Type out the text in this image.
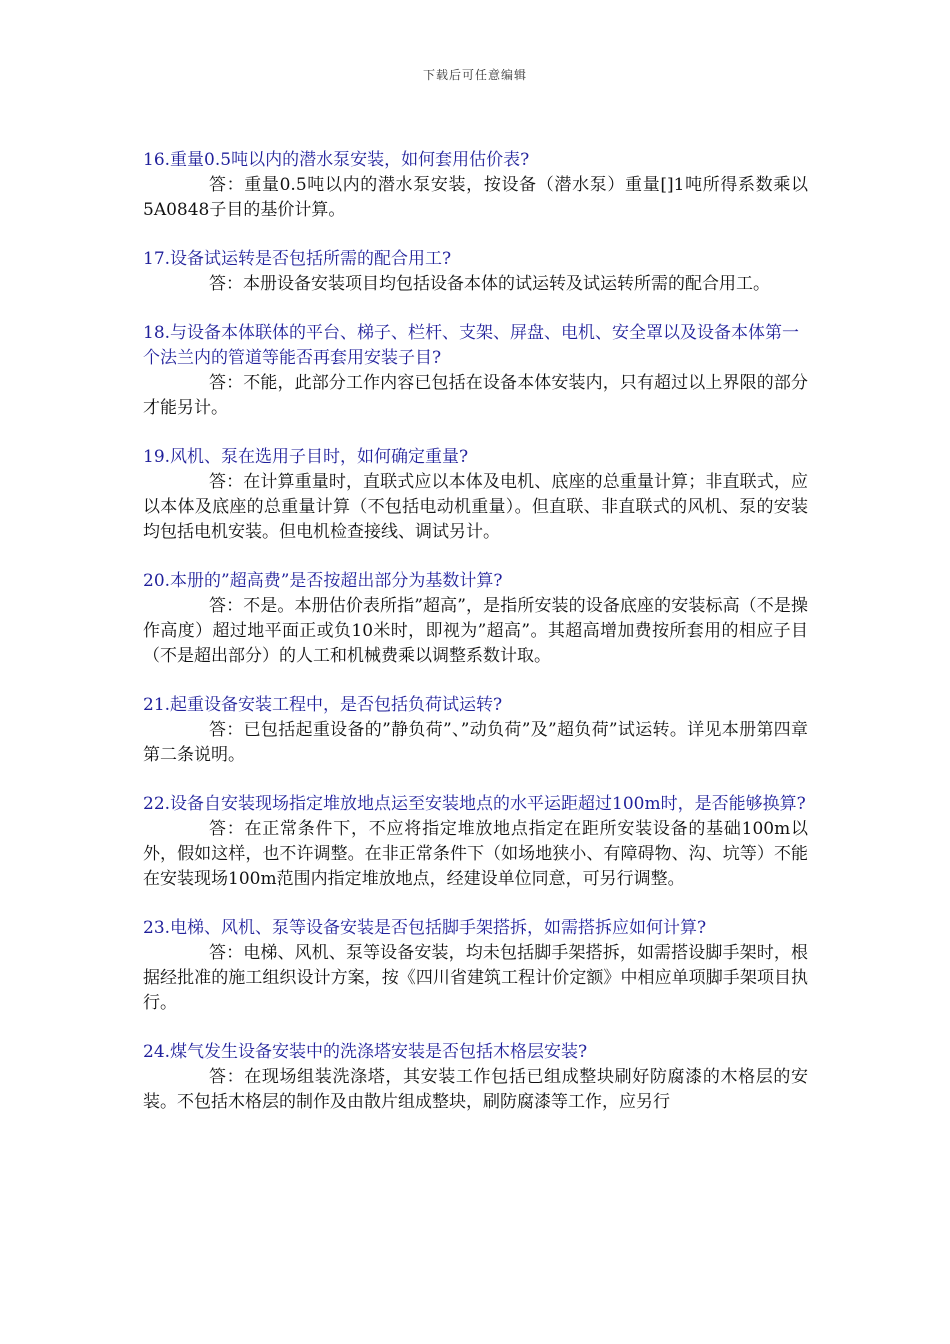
下载后可任意编辑

16.重量0.5吨以内的潜水泵安装，如何套用估价表?

答：重量0.5吨以内的潜水泵安装，按设备（潜水泵）重量[]1吨所得系数乘以5A0848子目的基价计算。

17.设备试运转是否包括所需的配合用工?

答：本册设备安装项目均包括设备本体的试运转及试运转所需的配合用工。

18.与设备本体联体的平台、梯子、栏杆、支架、屏盘、电机、安全罩以及设备本体第一个法兰内的管道等能否再套用安装子目?

答：不能，此部分工作内容已包括在设备本体安装内，只有超过以上界限的部分才能另计。

19.风机、泵在选用子目时，如何确定重量?

答：在计算重量时，直联式应以本体及电机、底座的总重量计算；非直联式，应以本体及底座的总重量计算（不包括电动机重量）。但直联、非直联式的风机、泵的安装均包括电机安装。但电机检查接线、调试另计。

20.本册的”超高费”是否按超出部分为基数计算?

答：不是。本册估价表所指”超高”，是指所安装的设备底座的安装标高（不是操作高度）超过地平面正或负10米时，即视为”超高”。其超高增加费按所套用的相应子目（不是超出部分）的人工和机械费乘以调整系数计取。

21.起重设备安装工程中，是否包括负荷试运转?

答：已包括起重设备的”静负荷”、”动负荷”及”超负荷”试运转。详见本册第四章第二条说明。

22.设备自安装现场指定堆放地点运至安装地点的水平运距超过100m时，是否能够换算?

答：在正常条件下，不应将指定堆放地点指定在距所安装设备的基础100m以外，假如这样，也不许调整。在非正常条件下（如场地狭小、有障碍物、沟、坑等）不能在安装现场100m范围内指定堆放地点，经建设单位同意，可另行调整。

23.电梯、风机、泵等设备安装是否包括脚手架搭拆，如需搭拆应如何计算?

答：电梯、风机、泵等设备安装，均未包括脚手架搭拆，如需搭设脚手架时，根据经批准的施工组织设计方案，按《四川省建筑工程计价定额》中相应单项脚手架项目执行。

24.煤气发生设备安装中的洗涤塔安装是否包括木格层安装?

答：在现场组装洗涤塔，其安装工作包括已组成整块刷好防腐漆的木格层的安装。不包括木格层的制作及由散片组成整块，刷防腐漆等工作，应另行
